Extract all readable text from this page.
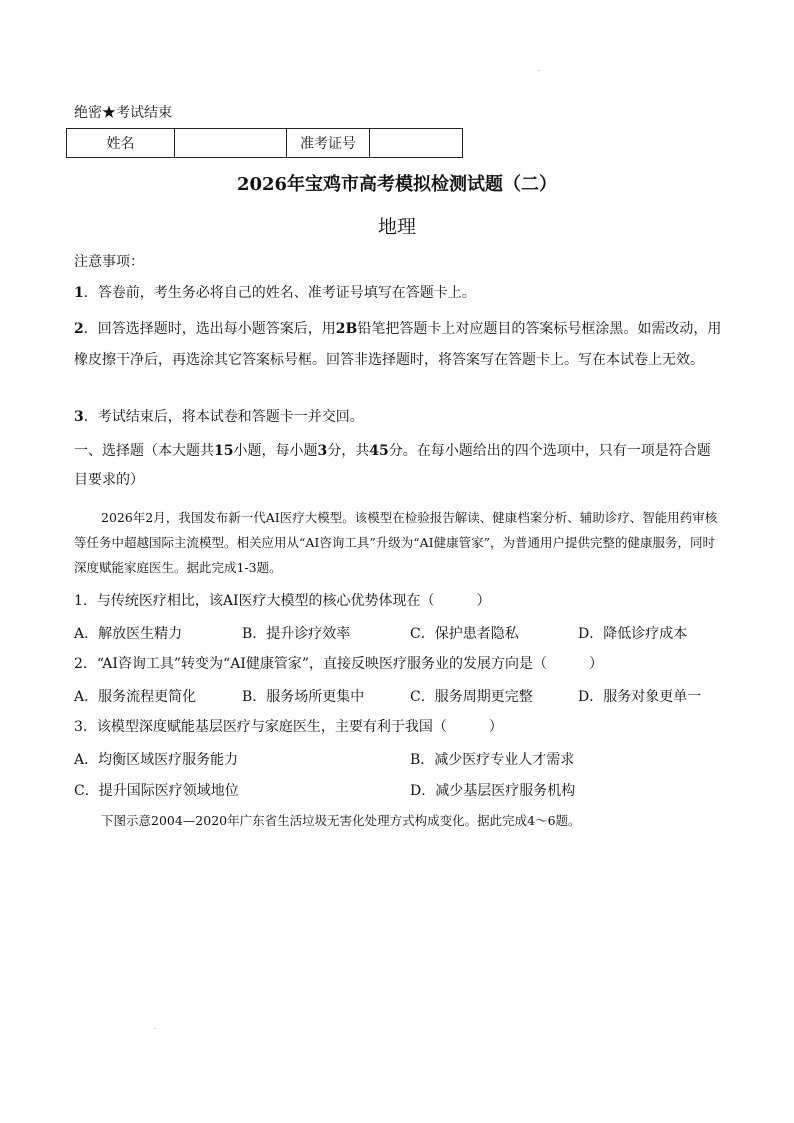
.
绝密★考试结束
姓名		准考证号	
2026年宝鸡市高考模拟检测试题（二）
地理
注意事项：
1．答卷前，考生务必将自己的姓名、准考证号填写在答题卡上。
2．回答选择题时，选出每小题答案后，用2B铅笔把答题卡上对应题目的答案标号框涂黑。如需改动，用橡皮擦干净后，再选涂其它答案标号框。回答非选择题时，将答案写在答题卡上。写在本试卷上无效。
3．考试结束后，将本试卷和答题卡一并交回。
一、选择题（本大题共15小题，每小题3分，共45分。在每小题给出的四个选项中，只有一项是符合题目要求的）
2026年2月，我国发布新一代AI医疗大模型。该模型在检验报告解读、健康档案分析、辅助诊疗、智能用药审核等任务中超越国际主流模型。相关应用从“AI咨询工具”升级为“AI健康管家”，为普通用户提供完整的健康服务，同时深度赋能家庭医生。据此完成1-3题。
1．与传统医疗相比，该AI医疗大模型的核心优势体现在（　　　）
A．解放医生精力	B．提升诊疗效率	C．保护患者隐私	D．降低诊疗成本
2．“AI咨询工具”转变为“AI健康管家”，直接反映医疗服务业的发展方向是（　　　）
A．服务流程更简化	B．服务场所更集中	C．服务周期更完整	D．服务对象更单一
3．该模型深度赋能基层医疗与家庭医生，主要有利于我国（　　　）
A．均衡区域医疗服务能力	B．减少医疗专业人才需求
C．提升国际医疗领域地位	D．减少基层医疗服务机构
下图示意2004—2020年广东省生活垃圾无害化处理方式构成变化。据此完成4～6题。
.
